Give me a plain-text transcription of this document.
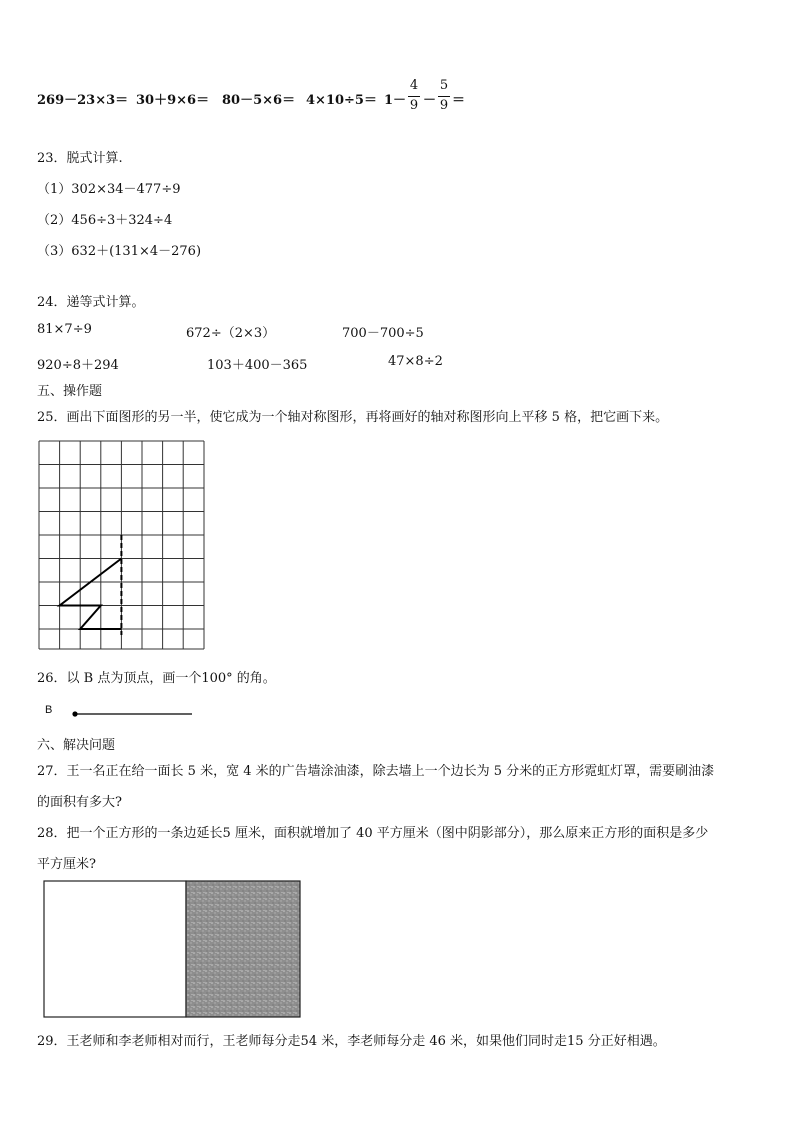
269－23×3＝ 30＋9×6＝ 80－5×6＝ 4×10÷5＝ 1－
4
9 －
5
9 ＝
23．脱式计算.
（1）302×34－477÷9
（2）456÷3＋324÷4
（3）632＋(131×4－276)
24．递等式计算。
81×7÷9	672÷（2×3）	700－700÷5
920÷8＋294	103＋400－365	47×8÷2
五、操作题
25．画出下面图形的另一半，使它成为一个轴对称图形，再将画好的轴对称图形向上平移 5 格，把它画下来。
26．以 B 点为顶点，画一个100° 的角。
B
六、解决问题
27．王一名正在给一面长 5 米，宽 4 米的广告墙涂油漆，除去墙上一个边长为 5 分米的正方形霓虹灯罩，需要刷油漆
的面积有多大?
28．把一个正方形的一条边延长5 厘米，面积就增加了 40 平方厘米（图中阴影部分），那么原来正方形的面积是多少
平方厘米?
29．王老师和李老师相对而行，王老师每分走54 米，李老师每分走 46 米，如果他们同时走15 分正好相遇。
